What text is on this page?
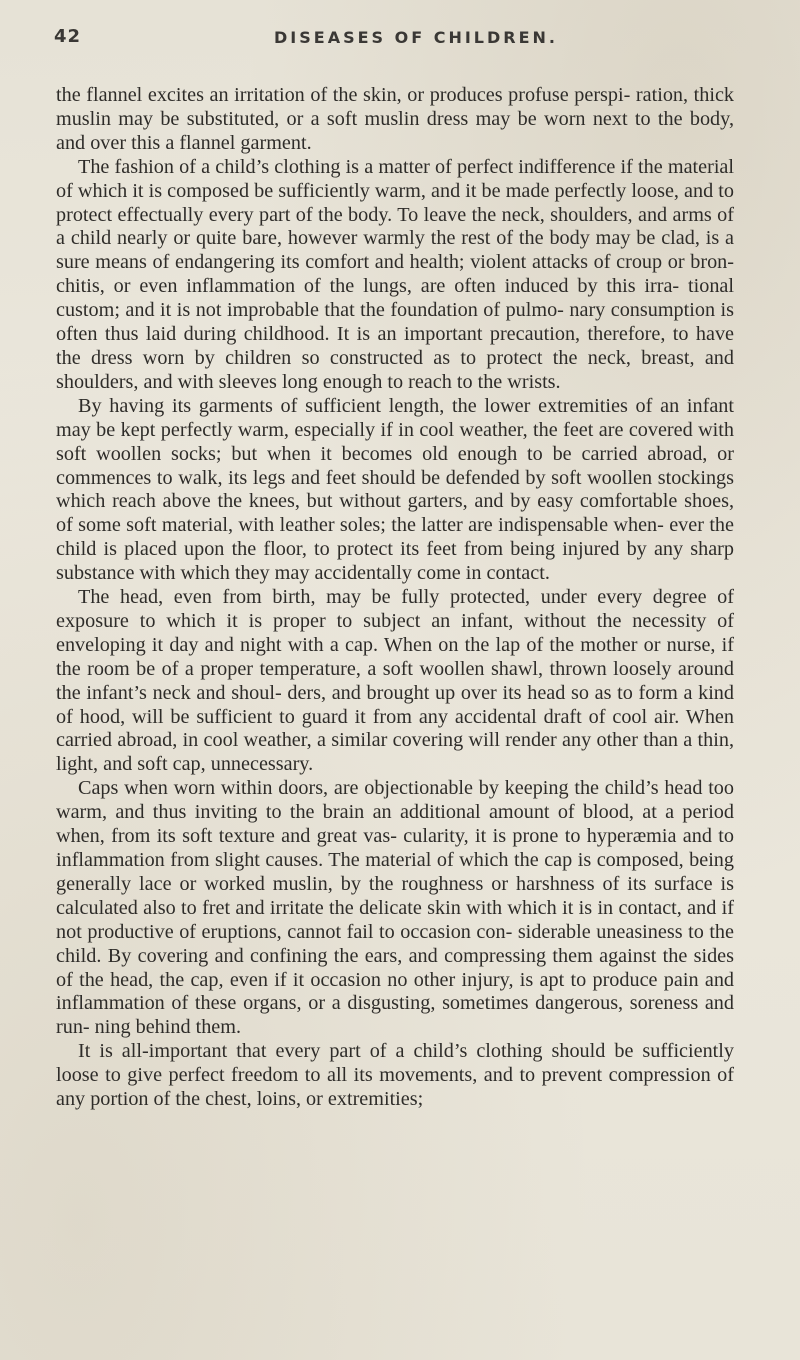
42	DISEASES OF CHILDREN.

the flannel excites an irritation of the skin, or produces profuse perspi- ration, thick muslin may be substituted, or a soft muslin dress may be worn next to the body, and over this a flannel garment.

The fashion of a child’s clothing is a matter of perfect indifference if the material of which it is composed be sufficiently warm, and it be made perfectly loose, and to protect effectually every part of the body. To leave the neck, shoulders, and arms of a child nearly or quite bare, however warmly the rest of the body may be clad, is a sure means of endangering its comfort and health; violent attacks of croup or bron- chitis, or even inflammation of the lungs, are often induced by this irra- tional custom; and it is not improbable that the foundation of pulmo- nary consumption is often thus laid during childhood. It is an important precaution, therefore, to have the dress worn by children so constructed as to protect the neck, breast, and shoulders, and with sleeves long enough to reach to the wrists.

By having its garments of sufficient length, the lower extremities of an infant may be kept perfectly warm, especially if in cool weather, the feet are covered with soft woollen socks; but when it becomes old enough to be carried abroad, or commences to walk, its legs and feet should be defended by soft woollen stockings which reach above the knees, but without garters, and by easy comfortable shoes, of some soft material, with leather soles; the latter are indispensable when- ever the child is placed upon the floor, to protect its feet from being injured by any sharp substance with which they may accidentally come in contact.

The head, even from birth, may be fully protected, under every degree of exposure to which it is proper to subject an infant, without the necessity of enveloping it day and night with a cap. When on the lap of the mother or nurse, if the room be of a proper temperature, a soft woollen shawl, thrown loosely around the infant’s neck and shoul- ders, and brought up over its head so as to form a kind of hood, will be sufficient to guard it from any accidental draft of cool air. When carried abroad, in cool weather, a similar covering will render any other than a thin, light, and soft cap, unnecessary.

Caps when worn within doors, are objectionable by keeping the child’s head too warm, and thus inviting to the brain an additional amount of blood, at a period when, from its soft texture and great vas- cularity, it is prone to hyperæmia and to inflammation from slight causes. The material of which the cap is composed, being generally lace or worked muslin, by the roughness or harshness of its surface is calculated also to fret and irritate the delicate skin with which it is in contact, and if not productive of eruptions, cannot fail to occasion con- siderable uneasiness to the child. By covering and confining the ears, and compressing them against the sides of the head, the cap, even if it occasion no other injury, is apt to produce pain and inflammation of these organs, or a disgusting, sometimes dangerous, soreness and run- ning behind them.

It is all-important that every part of a child’s clothing should be sufficiently loose to give perfect freedom to all its movements, and to prevent compression of any portion of the chest, loins, or extremities;
